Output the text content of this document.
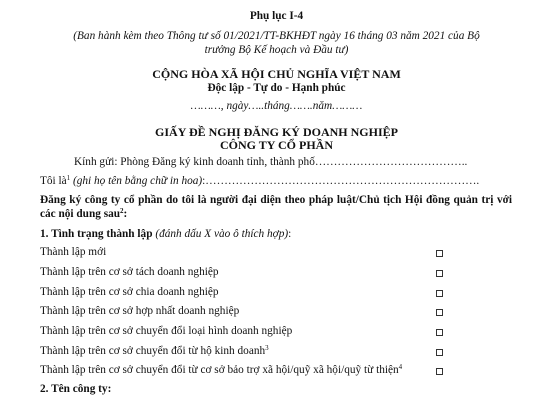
Phụ lục I-4
(Ban hành kèm theo Thông tư số 01/2021/TT-BKHĐT ngày 16 tháng 03 năm 2021 của Bộ
trưởng Bộ Kế hoạch và Đầu tư)
CỘNG HÒA XÃ HỘI CHỦ NGHĨA VIỆT NAM
Độc lập - Tự do - Hạnh phúc
………, ngày…..tháng…….năm………
GIẤY ĐỀ NGHỊ ĐĂNG KÝ DOANH NGHIỆP
CÔNG TY CỔ PHẦN
Kính gửi: Phòng Đăng ký kinh doanh tỉnh, thành phố…………………………………..
Tôi $là^1$ (ghi họ tên bằng chữ in hoa):……………………………………………………………….
Đăng ký công ty cổ phần do tôi là người đại diện theo pháp luật/Chủ tịch Hội đồng quản trị với các nội dung sau$^2$:
1. Tình trạng thành lập (đánh dấu X vào ô thích hợp):
Thành lập mới
Thành lập trên cơ sở tách doanh nghiệp
Thành lập trên cơ sở chia doanh nghiệp
Thành lập trên cơ sở hợp nhất doanh nghiệp
Thành lập trên cơ sở chuyển đổi loại hình doanh nghiệp
Thành lập trên cơ sở chuyển đổi từ hộ kinh doanh$^3$
Thành lập trên cơ sở chuyển đổi từ cơ sở bảo trợ xã hội/quỹ xã hội/quỹ từ thiện$^4$
2. Tên công ty:
